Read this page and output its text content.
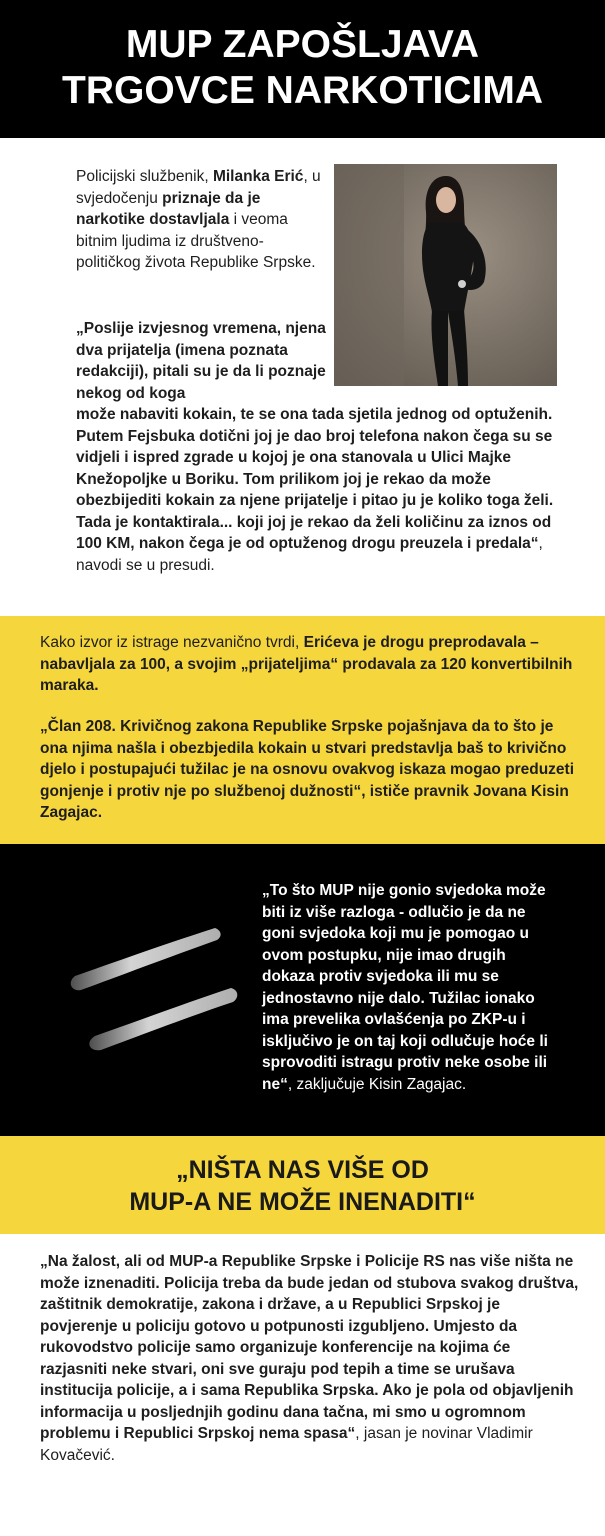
MUP ZAPOŠLJAVA
TRGOVCE NARKOTICIMA
Policijski službenik, Milanka Erić, u svjedočenju priznaje da je narkotike dostavljala i veoma bitnim ljudima iz društveno-političkog života Republike Srpske.
„Poslije izvjesnog vremena, njena dva prijatelja (imena poznata redakciji), pitali su je da li poznaje nekog od koga
može nabaviti kokain, te se ona tada sjetila jednog od optuženih. Putem Fejsbuka dotični joj je dao broj telefona nakon čega su se vidjeli i ispred zgrade u kojoj je ona stanovala u Ulici Majke Knežopoljke u Boriku. Tom prilikom joj je rekao da može obezbijediti kokain za njene prijatelje i pitao ju je koliko toga želi. Tada je kontaktirala... koji joj je rekao da želi količinu za iznos od 100 KM, nakon čega je od optuženog drogu preuzela i predala“, navodi se u presudi.
Kako izvor iz istrage nezvanično tvrdi, Erićeva je drogu preprodavala – nabavljala za 100, a svojim „prijateljima“ prodavala za 120 konvertibilnih maraka.
„Član 208. Krivičnog zakona Republike Srpske pojašnjava da to što je ona njima našla i obezbjedila kokain u stvari predstavlja baš to krivično djelo i postupajući tužilac je na osnovu ovakvog iskaza mogao preduzeti gonjenje i protiv nje po službenoj dužnosti“, ističe pravnik Jovana Kisin Zagajac.
„To što MUP nije gonio svjedoka može biti iz više razloga - odlučio je da ne goni svjedoka koji mu je pomogao u ovom postupku, nije imao drugih dokaza protiv svjedoka ili mu se jednostavno nije dalo. Tužilac ionako ima prevelika ovlašćenja po ZKP-u i isključivo je on taj koji odlučuje hoće li sprovoditi istragu protiv neke osobe ili ne“, zaključuje Kisin Zagajac.
„NIŠTA NAS VIŠE OD
MUP-A NE MOŽE INENADITI“
„Na žalost, ali od MUP-a Republike Srpske i Policije RS nas više ništa ne može iznenaditi. Policija treba da bude jedan od stubova svakog društva, zaštitnik demokratije, zakona i države, a u Republici Srpskoj je povjerenje u policiju gotovo u potpunosti izgubljeno. Umjesto da rukovodstvo policije samo organizuje konferencije na kojima će razjasniti neke stvari, oni sve guraju pod tepih a time se urušava institucija policije, a i sama Republika Srpska. Ako je pola od objavljenih informacija u posljednjih godinu dana tačna, mi smo u ogromnom problemu i Republici Srpskoj nema spasa“, jasan je novinar Vladimir Kovačević.
